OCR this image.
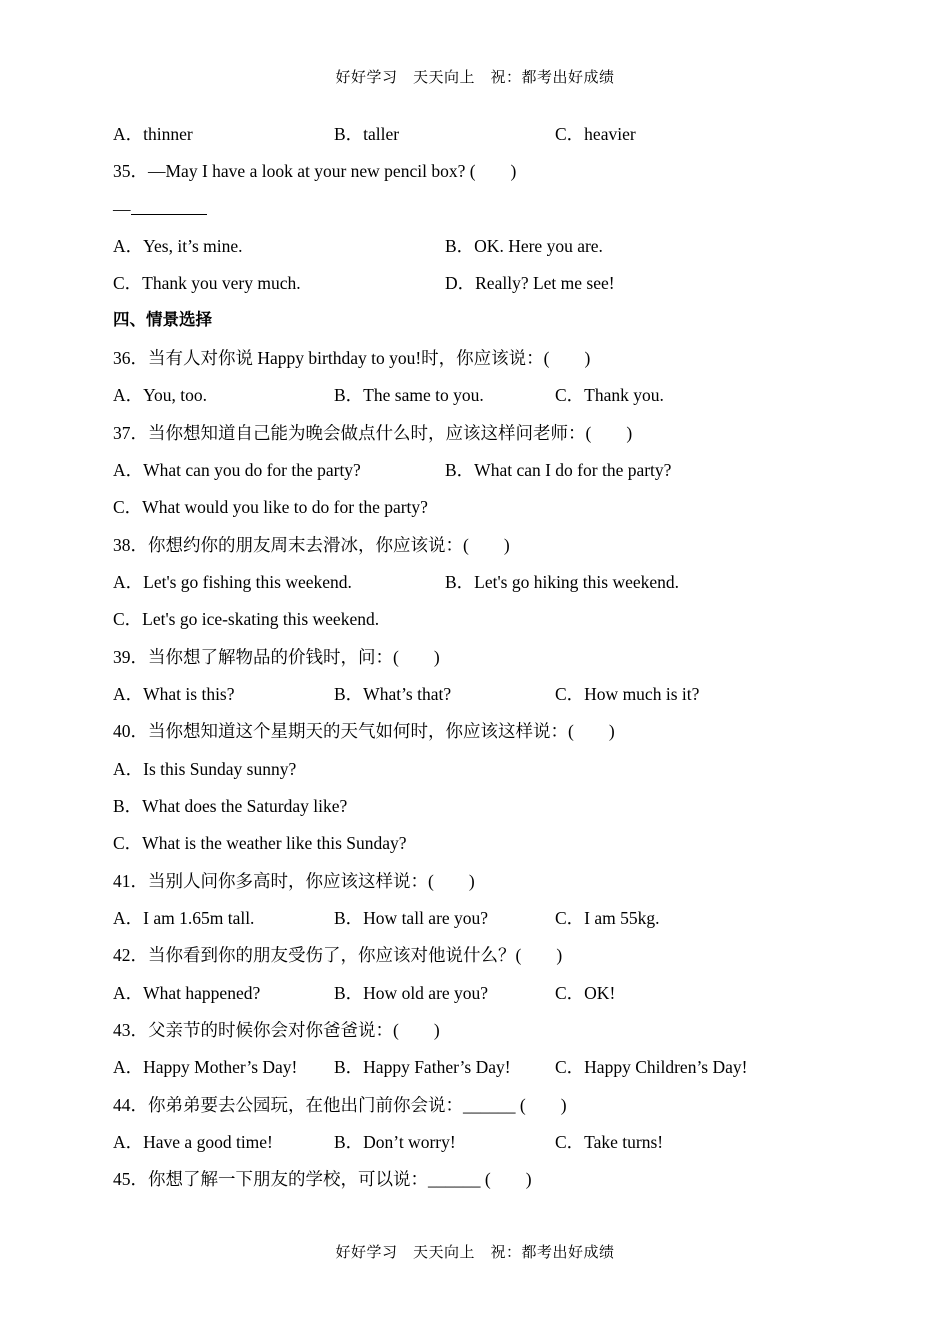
好好学习　天天向上　祝：都考出好成绩
A．thinner	B．taller	C．heavier
35．—May I have a look at your new pencil box? (　　)
—
A．Yes, it’s mine.	B．OK. Here you are.
C．Thank you very much.	D．Really? Let me see!
四、情景选择
36．当有人对你说 Happy birthday to you!时，你应该说：(　　)
A．You, too.	B．The same to you.	C．Thank you.
37．当你想知道自己能为晚会做点什么时，应该这样问老师：(　　)
A．What can you do for the party?	B．What can I do for the party?
C．What would you like to do for the party?
38．你想约你的朋友周末去滑冰，你应该说：(　　)
A．Let's go fishing this weekend.	B．Let's go hiking this weekend.
C．Let's go ice-skating this weekend.
39．当你想了解物品的价钱时，问：(　　)
A．What is this?	B．What’s that?	C．How much is it?
40．当你想知道这个星期天的天气如何时，你应该这样说：(　　)
A．Is this Sunday sunny?
B．What does the Saturday like?
C．What is the weather like this Sunday?
41．当别人问你多高时，你应该这样说：(　　)
A．I am 1.65m tall.	B．How tall are you?	C．I am 55kg.
42．当你看到你的朋友受伤了，你应该对他说什么？(　　)
A．What happened?	B．How old are you?	C．OK!
43．父亲节的时候你会对你爸爸说：(　　)
A．Happy Mother’s Day! B．Happy Father’s Day!	C．Happy Children’s Day!
44．你弟弟要去公园玩，在他出门前你会说：______ (　　)
A．Have a good time!	B．Don’t worry!	C．Take turns!
45．你想了解一下朋友的学校，可以说：______ (　　)
好好学习　天天向上　祝：都考出好成绩
